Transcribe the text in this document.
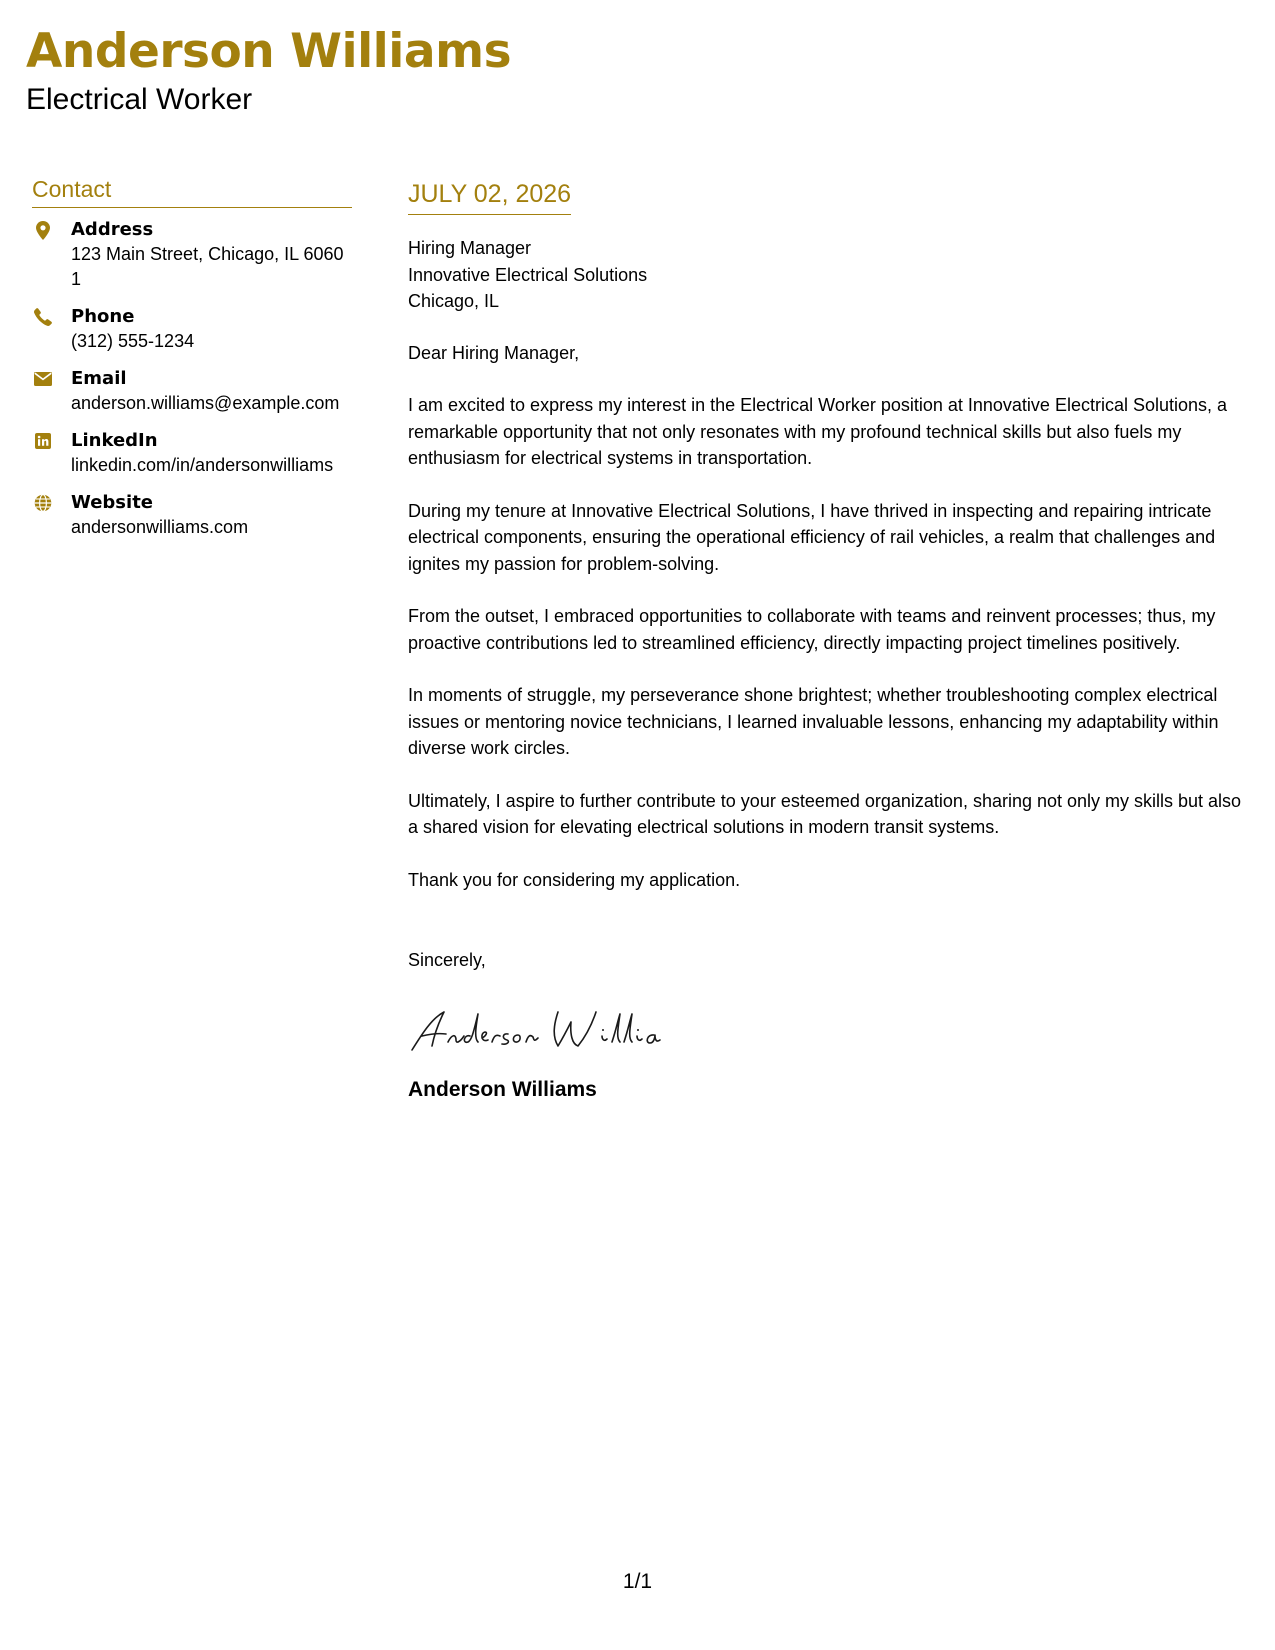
Anderson Williams
Electrical Worker
Contact
Address
123 Main Street, Chicago, IL 60601
Phone
(312) 555-1234
Email
anderson.williams@example.com
LinkedIn
linkedin.com/in/andersonwilliams
Website
andersonwilliams.com
JULY 02, 2026
Hiring Manager
Innovative Electrical Solutions
Chicago, IL
Dear Hiring Manager,
I am excited to express my interest in the Electrical Worker position at Innovative Electrical Solutions, a remarkable opportunity that not only resonates with my profound technical skills but also fuels my enthusiasm for electrical systems in transportation.
During my tenure at Innovative Electrical Solutions, I have thrived in inspecting and repairing intricate electrical components, ensuring the operational efficiency of rail vehicles, a realm that challenges and ignites my passion for problem-solving.
From the outset, I embraced opportunities to collaborate with teams and reinvent processes; thus, my proactive contributions led to streamlined efficiency, directly impacting project timelines positively.
In moments of struggle, my perseverance shone brightest; whether troubleshooting complex electrical issues or mentoring novice technicians, I learned invaluable lessons, enhancing my adaptability within diverse work circles.
Ultimately, I aspire to further contribute to your esteemed organization, sharing not only my skills but also a shared vision for elevating electrical solutions in modern transit systems.
Thank you for considering my application.
Sincerely,
Anderson Williams
1/1
